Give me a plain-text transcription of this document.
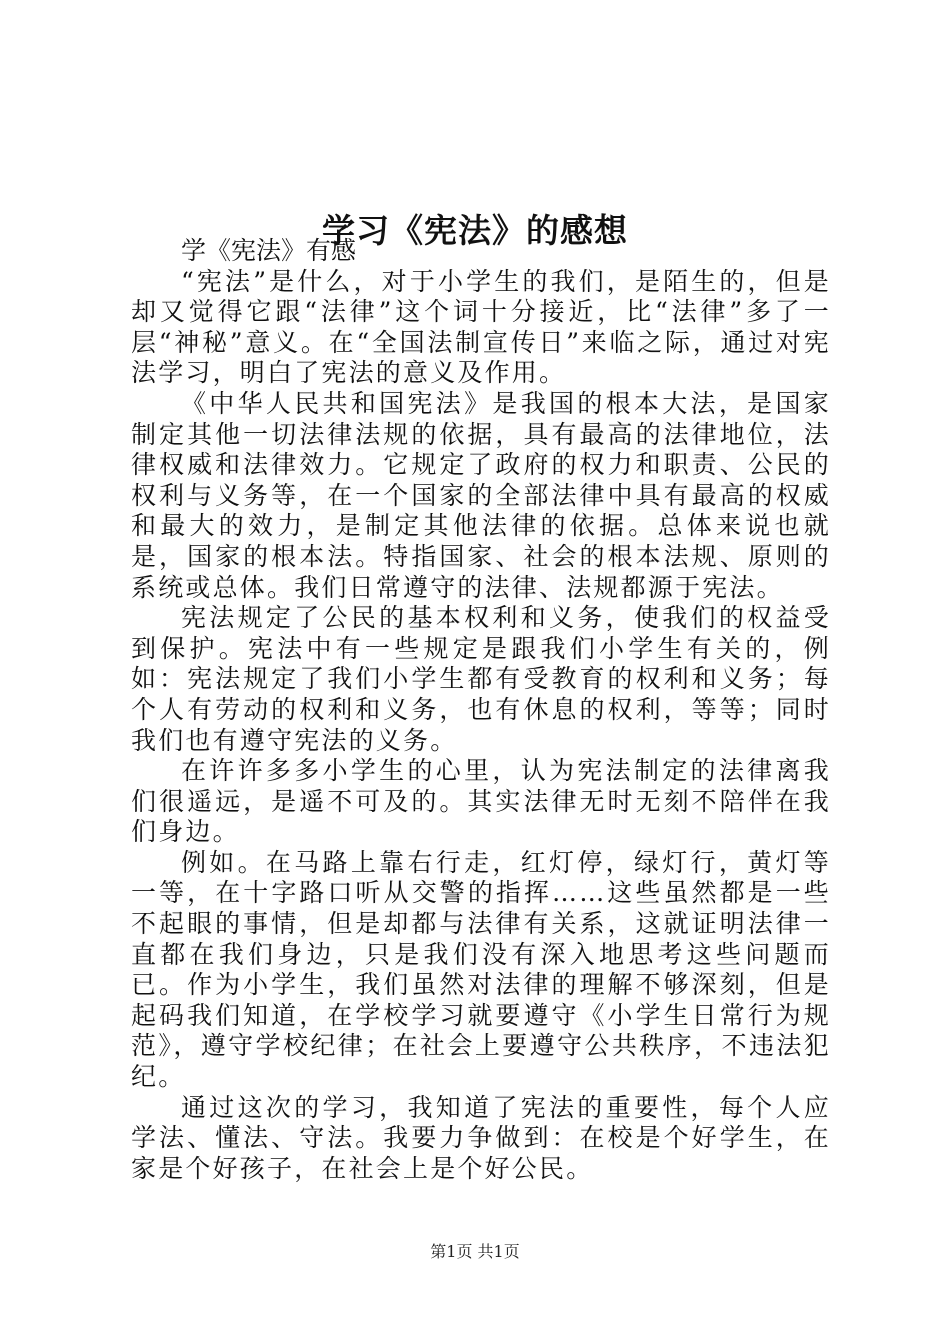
学习《宪法》的感想

学《宪法》有感

“宪法”是什么，对于小学生的我们，是陌生的，但是却又觉得它跟“法律”这个词十分接近，比“法律”多了一层“神秘”意义。在“全国法制宣传日”来临之际，通过对宪法学习，明白了宪法的意义及作用。

《中华人民共和国宪法》是我国的根本大法，是国家制定其他一切法律法规的依据，具有最高的法律地位，法律权威和法律效力。它规定了政府的权力和职责、公民的权利与义务等，在一个国家的全部法律中具有最高的权威和最大的效力，是制定其他法律的依据。总体来说也就是，国家的根本法。特指国家、社会的根本法规、原则的系统或总体。我们日常遵守的法律、法规都源于宪法。

宪法规定了公民的基本权利和义务，使我们的权益受到保护。宪法中有一些规定是跟我们小学生有关的，例如：宪法规定了我们小学生都有受教育的权利和义务；每个人有劳动的权利和义务，也有休息的权利，等等；同时我们也有遵守宪法的义务。

在许许多多小学生的心里，认为宪法制定的法律离我们很遥远，是遥不可及的。其实法律无时无刻不陪伴在我们身边。

例如。在马路上靠右行走，红灯停，绿灯行，黄灯等一等，在十字路口听从交警的指挥……这些虽然都是一些不起眼的事情，但是却都与法律有关系，这就证明法律一直都在我们身边，只是我们没有深入地思考这些问题而已。作为小学生，我们虽然对法律的理解不够深刻，但是起码我们知道，在学校学习就要遵守《小学生日常行为规范》，遵守学校纪律；在社会上要遵守公共秩序，不违法犯纪。

通过这次的学习，我知道了宪法的重要性，每个人应学法、懂法、守法。我要力争做到：在校是个好学生，在家是个好孩子，在社会上是个好公民。

第1页 共1页
